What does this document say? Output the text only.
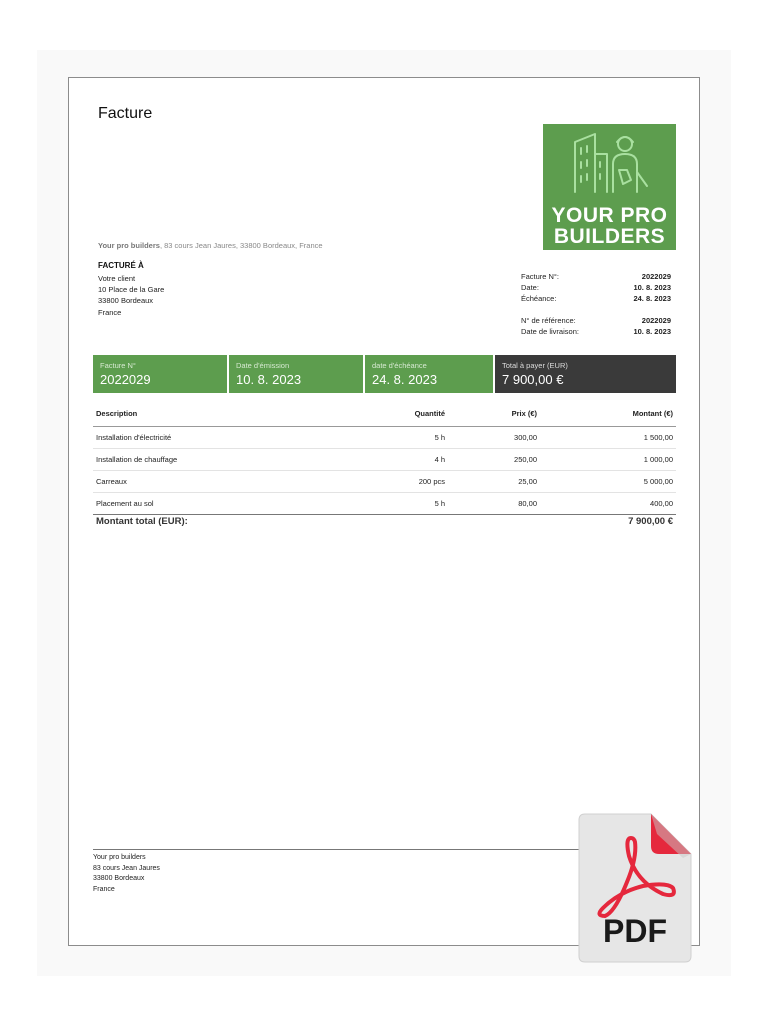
Facture
YOUR PRO
BUILDERS
Your pro builders, 83 cours Jean Jaures, 33800 Bordeaux, France
FACTURÉ À
Votre client
10 Place de la Gare
33800 Bordeaux
France
Facture N°:	2022029
Date:	10. 8. 2023
Échéance:	24. 8. 2023
N° de référence:	2022029
Date de livraison:	10. 8. 2023
Facture N°
2022029
Date d'émission
10. 8. 2023
date d'échéance
24. 8. 2023
Total à payer (EUR)
7 900,00 €
Description	Quantité	Prix (€)	Montant (€)
Installation d'électricité	5 h	300,00	1 500,00
Installation de chauffage	4 h	250,00	1 000,00
Carreaux	200 pcs	25,00	5 000,00
Placement au sol	5 h	80,00	400,00
Montant total (EUR):	7 900,00 €
Your pro builders
83 cours Jean Jaures
33800 Bordeaux
France
PDF
